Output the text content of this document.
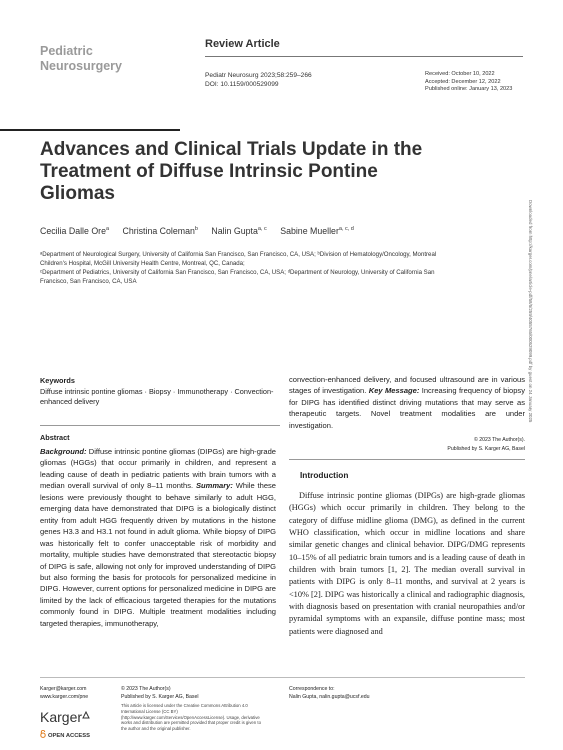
Pediatric
Neurosurgery
Review Article
Pediatr Neurosurg 2023;58:259–266
DOI: 10.1159/000529099
Received: October 10, 2022
Accepted: December 12, 2022
Published online: January 13, 2023
Advances and Clinical Trials Update in the Treatment of Diffuse Intrinsic Pontine Gliomas
Cecilia Dalle Ore$^a$ Christina Coleman$^b$ Nalin Gupta$^{a, c}$ Sabine Mueller$^{a, c, d}$

ᵃDepartment of Neurological Surgery, University of California San Francisco, San Francisco, CA, USA; ᵇDivision of Hematology/Oncology, Montreal Children's Hospital, McGill University Health Centre, Montreal, QC, Canada;

ᶜDepartment of Pediatrics, University of California San Francisco, San Francisco, CA, USA; ᵈDepartment of Neurology, University of California San Francisco, San Francisco, CA, USA	Downloaded from http://karger.com/pne/article-pdf/58/5/259/4055765/000529099.pdf by guest on 24 January 2025
Keywords
Diffuse intrinsic pontine gliomas · Biopsy · Immunotherapy · Convection-enhanced delivery
Abstract

Background: Diffuse intrinsic pontine gliomas (DIPGs) are high-grade gliomas (HGGs) that occur primarily in children, and represent a leading cause of death in pediatric patients with brain tumors with a median overall survival of only 8–11 months. Summary: While these lesions were previously thought to behave similarly to adult HGG, emerging data have demonstrated that DIPG is a biologically distinct entity from adult HGG frequently driven by mutations in the histone genes H3.3 and H3.1 not found in adult glioma. While biopsy of DIPG was historically felt to confer unacceptable risk of morbidity and mortality, multiple studies have demonstrated that stereotactic biopsy of DIPG is safe, allowing not only for improved understanding of DIPG but also forming the basis for protocols for personalized medicine in DIPG. However, current options for personalized medicine in DIPG are limited by the lack of efficacious targeted therapies for the mutations commonly found in DIPG. Multiple treatment modalities including targeted therapies, immunotherapy,

convection-enhanced delivery, and focused ultrasound are in various stages of investigation. Key Message: Increasing frequency of biopsy for DIPG has identified distinct driving mutations that may serve as therapeutic targets. Novel treatment modalities are under investigation.

© 2023 The Author(s).
Published by S. Karger AG, Basel
Introduction

Diffuse intrinsic pontine gliomas (DIPGs) are high-grade gliomas (HGGs) which occur primarily in children. They belong to the category of diffuse midline glioma (DMG), as defined in the current WHO classification, which occur in midline locations and share similar genetic changes and clinical behavior. DIPG/DMG represents 10–15% of all pediatric brain tumors and is a leading cause of death in children with brain tumors [1, 2]. The median overall survival in patients with DIPG is only 8–11 months, and survival at 2 years is <10% [2]. DIPG was historically a clinical and radiographic diagnosis, with diagnosis based on presentation with cranial neuropathies and/or pyramidal symptoms with an expansile, diffuse pontine mass; most patients were diagnosed and

Karger@karger.com
www.karger.com/pne
© 2023 The Author(s)
Published by S. Karger AG, Basel
This article is licensed under the Creative Commons Attribution 4.0 International License (CC BY) (http://www.karger.com/Services/OpenAccessLicense). Usage, derivative works and distribution are permitted provided that proper credit is given to the author and the original publisher.
Correspondence to:
Nalin Gupta, nalin.gupta@ucsf.edu
Karger
OPEN ACCESS
